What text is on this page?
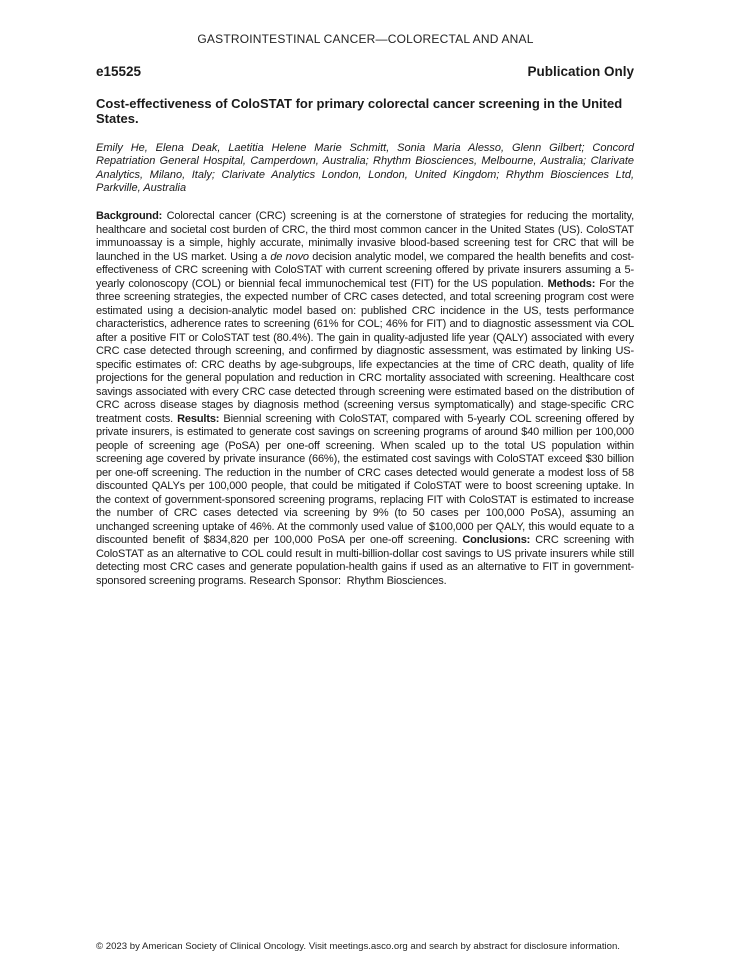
GASTROINTESTINAL CANCER—COLORECTAL AND ANAL
e15525	Publication Only
Cost-effectiveness of ColoSTAT for primary colorectal cancer screening in the United States.

Emily He, Elena Deak, Laetitia Helene Marie Schmitt, Sonia Maria Alesso, Glenn Gilbert; Concord Repatriation General Hospital, Camperdown, Australia; Rhythm Biosciences, Melbourne, Australia; Clarivate Analytics, Milano, Italy; Clarivate Analytics London, London, United Kingdom; Rhythm Biosciences Ltd, Parkville, Australia

Background: Colorectal cancer (CRC) screening is at the cornerstone of strategies for reducing the mortality, healthcare and societal cost burden of CRC, the third most common cancer in the United States (US). ColoSTAT immunoassay is a simple, highly accurate, minimally invasive blood-based screening test for CRC that will be launched in the US market. Using a de novo decision analytic model, we compared the health benefits and cost-effectiveness of CRC screening with ColoSTAT with current screening offered by private insurers assuming a 5-yearly colonoscopy (COL) or biennial fecal immunochemical test (FIT) for the US population. Methods: For the three screening strategies, the expected number of CRC cases detected, and total screening program cost were estimated using a decision-analytic model based on: published CRC incidence in the US, tests performance characteristics, adherence rates to screening (61% for COL; 46% for FIT) and to diagnostic assessment via COL after a positive FIT or ColoSTAT test (80.4%). The gain in quality-adjusted life year (QALY) associated with every CRC case detected through screening, and confirmed by diagnostic assessment, was estimated by linking US-specific estimates of: CRC deaths by age-subgroups, life expectancies at the time of CRC death, quality of life projections for the general population and reduction in CRC mortality associated with screening. Healthcare cost savings associated with every CRC case detected through screening were estimated based on the distribution of CRC across disease stages by diagnosis method (screening versus symptomatically) and stage-specific CRC treatment costs. Results: Biennial screening with ColoSTAT, compared with 5-yearly COL screening offered by private insurers, is estimated to generate cost savings on screening programs of around $40 million per 100,000 people of screening age (PoSA) per one-off screening. When scaled up to the total US population within screening age covered by private insurance (66%), the estimated cost savings with ColoSTAT exceed $30 billion per one-off screening. The reduction in the number of CRC cases detected would generate a modest loss of 58 discounted QALYs per 100,000 people, that could be mitigated if ColoSTAT were to boost screening uptake. In the context of government-sponsored screening programs, replacing FIT with ColoSTAT is estimated to increase the number of CRC cases detected via screening by 9% (to 50 cases per 100,000 PoSA), assuming an unchanged screening uptake of 46%. At the commonly used value of $100,000 per QALY, this would equate to a discounted benefit of $834,820 per 100,000 PoSA per one-off screening. Conclusions: CRC screening with ColoSTAT as an alternative to COL could result in multi-billion-dollar cost savings to US private insurers while still detecting most CRC cases and generate population-health gains if used as an alternative to FIT in government-sponsored screening programs. Research Sponsor:  Rhythm Biosciences.

© 2023 by American Society of Clinical Oncology. Visit meetings.asco.org and search by abstract for disclosure information.
